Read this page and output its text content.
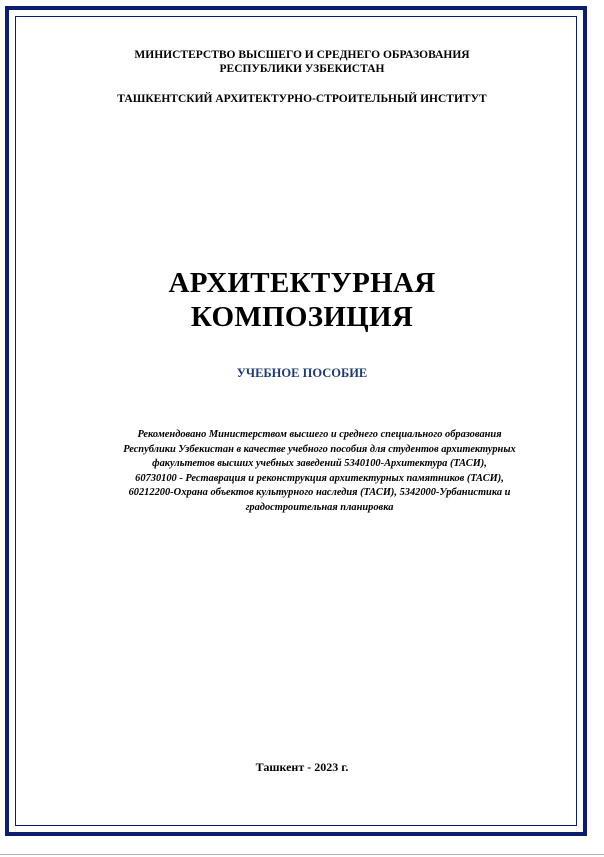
МИНИСТЕРСТВО ВЫСШЕГО И СРЕДНЕГО ОБРАЗОВАНИЯ
РЕСПУБЛИКИ УЗБЕКИСТАН
ТАШКЕНТСКИЙ АРХИТЕКТУРНО-СТРОИТЕЛЬНЫЙ ИНСТИТУТ
АРХИТЕКТУРНАЯ
КОМПОЗИЦИЯ
УЧЕБНОЕ ПОСОБИЕ
Рекомендовано Министерством высшего и среднего специального образования
Республики Узбекистан в качестве учебного пособия для студентов архитектурных
факультетов высших учебных заведений 5340100-Архитектура (ТАСИ),
60730100 - Реставрация и реконструкция архитектурных памятников (ТАСИ),
60212200-Охрана объектов культурного наследия (ТАСИ), 5342000-Урбанистика и
градостроительная планировка
Ташкент - 2023 г.
